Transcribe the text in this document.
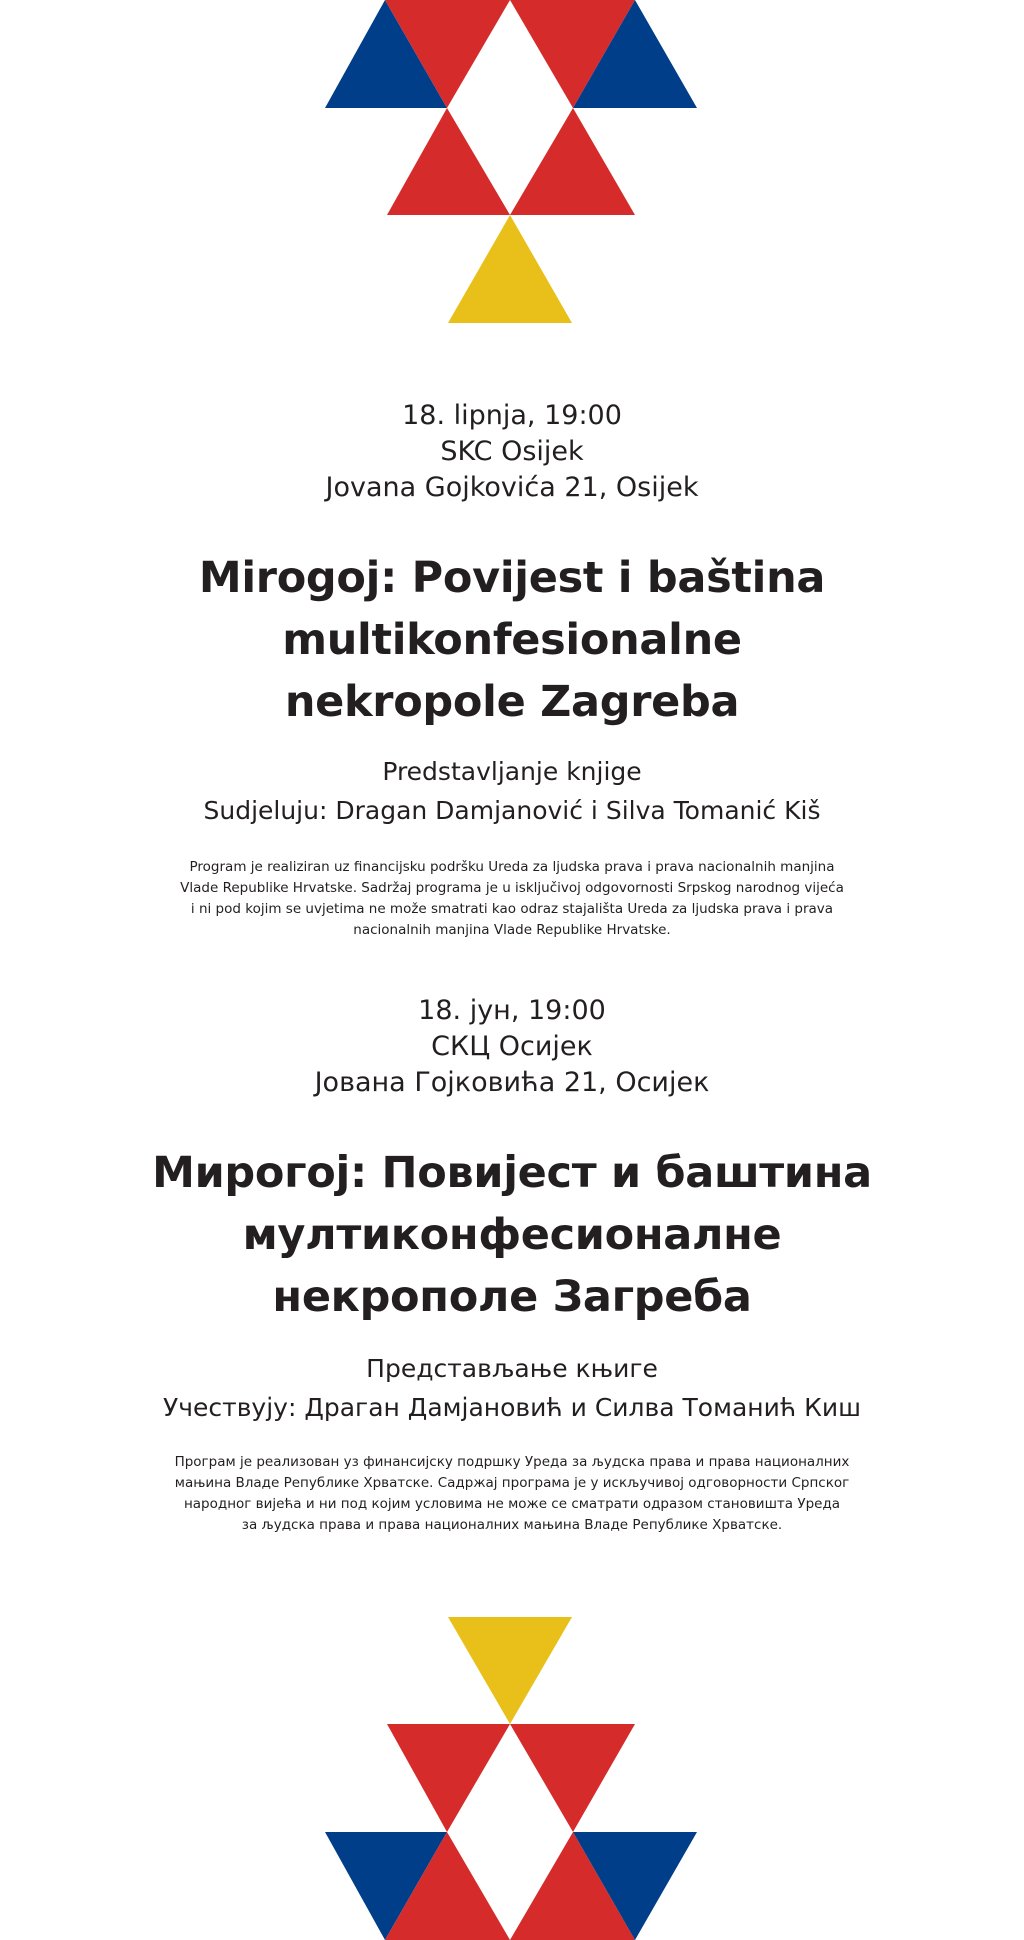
18. lipnja, 19:00
SKC Osijek
Jovana Gojkovića 21, Osijek
Mirogoj: Povijest i baština
multikonfesionalne
nekropole Zagreba
Predstavljanje knjige
Sudjeluju: Dragan Damjanović i Silva Tomanić Kiš
Program je realiziran uz financijsku podršku Ureda za ljudska prava i prava nacionalnih manjina
Vlade Republike Hrvatske. Sadržaj programa je u isključivoj odgovornosti Srpskog narodnog vijeća
i ni pod kojim se uvjetima ne može smatrati kao odraz stajališta Ureda za ljudska prava i prava
nacionalnih manjina Vlade Republike Hrvatske.
18. јун, 19:00
СКЦ Осијек
Јована Гојковића 21, Осијек
Мирогој: Повијест и баштина
мултиконфесионалне
некрополе Загреба
Представљање књиге
Учествују: Драган Дамјановић и Силва Томанић Киш
Програм је реализован уз финансијску подршку Уреда за људска права и права националних
мањина Владе Републике Хрватске. Садржај програма је у искључивој одговорности Српског
народног вијећа и ни под којим условима не може се сматрати одразом становишта Уреда
за људска права и права националних мањина Владе Републике Хрватске.
